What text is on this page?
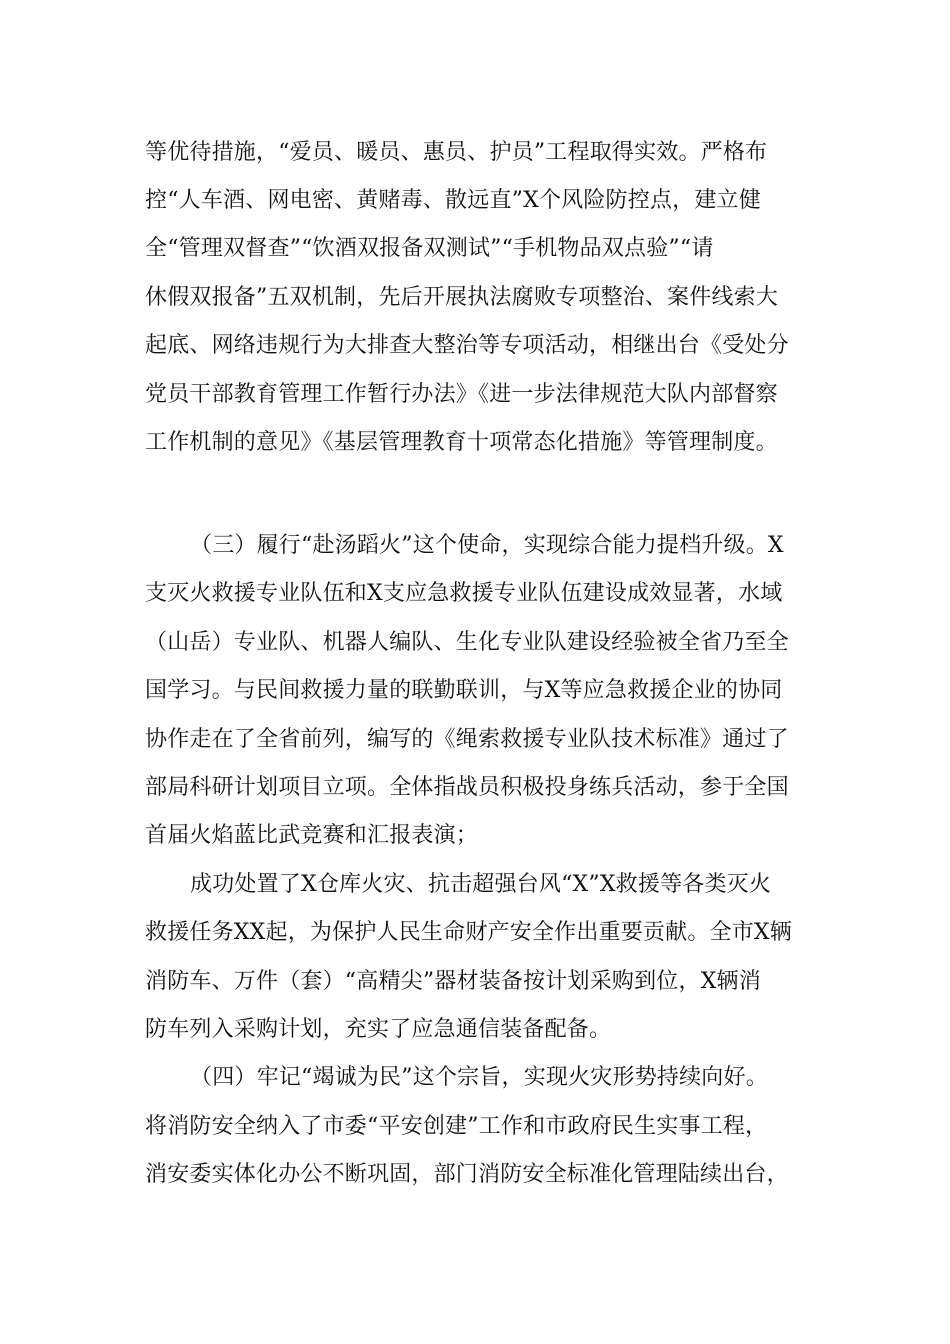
等优待措施，“爱员、暖员、惠员、护员”工程取得实效。严格布
控“人车酒、网电密、黄赌毒、散远直”X个风险防控点，建立健
全“管理双督查”“饮酒双报备双测试”“手机物品双点验”“请
休假双报备”五双机制，先后开展执法腐败专项整治、案件线索大
起底、网络违规行为大排查大整治等专项活动，相继出台《受处分
党员干部教育管理工作暂行办法》《进一步法律规范大队内部督察
工作机制的意见》《基层管理教育十项常态化措施》等管理制度。
（三）履行“赴汤蹈火”这个使命，实现综合能力提档升级。X
支灭火救援专业队伍和X支应急救援专业队伍建设成效显著，水域
（山岳）专业队、机器人编队、生化专业队建设经验被全省乃至全
国学习。与民间救援力量的联勤联训，与X等应急救援企业的协同
协作走在了全省前列，编写的《绳索救援专业队技术标准》通过了
部局科研计划项目立项。全体指战员积极投身练兵活动，参于全国
首届火焰蓝比武竞赛和汇报表演；
成功处置了X仓库火灾、抗击超强台风“X”X救援等各类灭火
救援任务XX起，为保护人民生命财产安全作出重要贡献。全市X辆
消防车、万件（套）“高精尖”器材装备按计划采购到位，X辆消
防车列入采购计划，充实了应急通信装备配备。
（四）牢记“竭诚为民”这个宗旨，实现火灾形势持续向好。
将消防安全纳入了市委“平安创建”工作和市政府民生实事工程，
消安委实体化办公不断巩固，部门消防安全标准化管理陆续出台，
